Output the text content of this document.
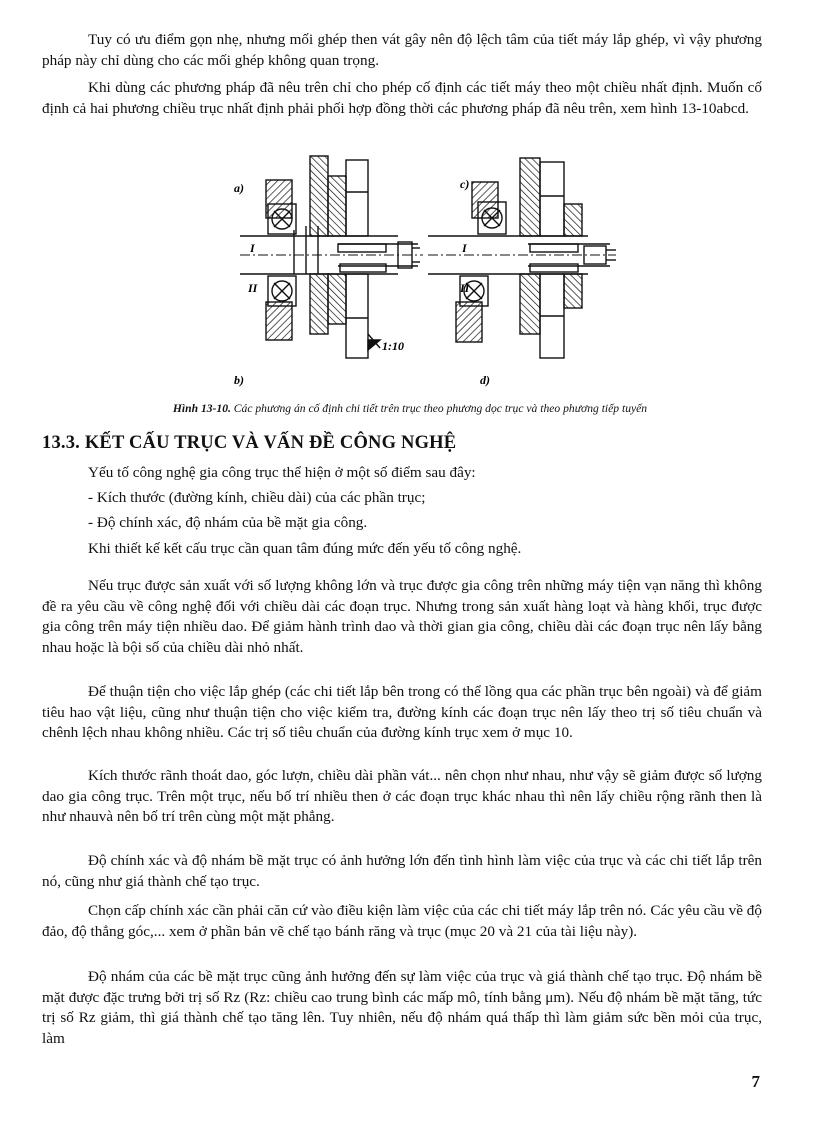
Tuy có ưu điểm gọn nhẹ, nhưng mối ghép then vát gây nên độ lệch tâm của tiết máy lắp ghép, vì vậy phương pháp này chỉ dùng cho các mối ghép không quan trọng.

Khi dùng các phương pháp đã nêu trên chỉ cho phép cố định các tiết máy theo một chiều nhất định. Muốn cố định cả hai phương chiều trục nhất định phải phối hợp đồng thời các phương pháp đã nêu trên, xem hình 13-10abcd.

a)
b)
c)
d)
I
II
I
II
1:10

Hình 13-10. Các phương án cố định chi tiết trên trục theo phương dọc trục và theo phương tiếp tuyến

13.3. KẾT CẤU TRỤC VÀ VẤN ĐỀ CÔNG NGHỆ

Yếu tố công nghệ gia công trục thể hiện ở một số điểm sau đây:

- Kích thước (đường kính, chiều dài) của các phần trục;

- Độ chính xác, độ nhám của bề mặt gia công.

Khi thiết kế kết cấu trục cần quan tâm đúng mức đến yếu tố công nghệ.

Nếu trục được sản xuất với số lượng không lớn và trục được gia công trên những máy tiện vạn năng thì không đề ra yêu cầu về công nghệ đối với chiều dài các đoạn trục. Nhưng trong sản xuất hàng loạt và hàng khối, trục được gia công trên máy tiện nhiều dao. Để giảm hành trình dao và thời gian gia công, chiều dài các đoạn trục nên lấy bằng nhau hoặc là bội số của chiều dài nhỏ nhất.

Để thuận tiện cho việc lắp ghép (các chi tiết lắp bên trong có thể lồng qua các phần trục bên ngoài) và để giảm tiêu hao vật liệu, cũng như thuận tiện cho việc kiểm tra, đường kính các đoạn trục nên lấy theo trị số tiêu chuẩn và chênh lệch nhau không nhiều. Các trị số tiêu chuẩn của đường kính trục xem ở mục 10.

Kích thước rãnh thoát dao, góc lượn, chiều dài phần vát... nên chọn như nhau, như vậy sẽ giảm được số lượng dao gia công trục. Trên một trục, nếu bố trí nhiều then ở các đoạn trục khác nhau thì nên lấy chiều rộng rãnh then là như nhauvà nên bố trí trên cùng một mặt phẳng.

Độ chính xác và độ nhám bề mặt trục có ảnh hưởng lớn đến tình hình làm việc của trục và các chi tiết lắp trên nó, cũng như giá thành chế tạo trục.

Chọn cấp chính xác cần phải căn cứ vào điều kiện làm việc của các chi tiết máy lắp trên nó. Các yêu cầu về độ đảo, độ thẳng góc,... xem ở phần bản vẽ chế tạo bánh răng và trục (mục 20 và 21 của tài liệu này).

Độ nhám của các bề mặt trục cũng ảnh hưởng đến sự làm việc của trục và giá thành chế tạo trục. Độ nhám bề mặt được đặc trưng bởi trị số Rz (Rz: chiều cao trung bình các mấp mô, tính bằng μm). Nếu độ nhám bề mặt tăng, tức trị số Rz giảm, thì giá thành chế tạo tăng lên. Tuy nhiên, nếu độ nhám quá thấp thì làm giảm sức bền mỏi của trục, làm

7
